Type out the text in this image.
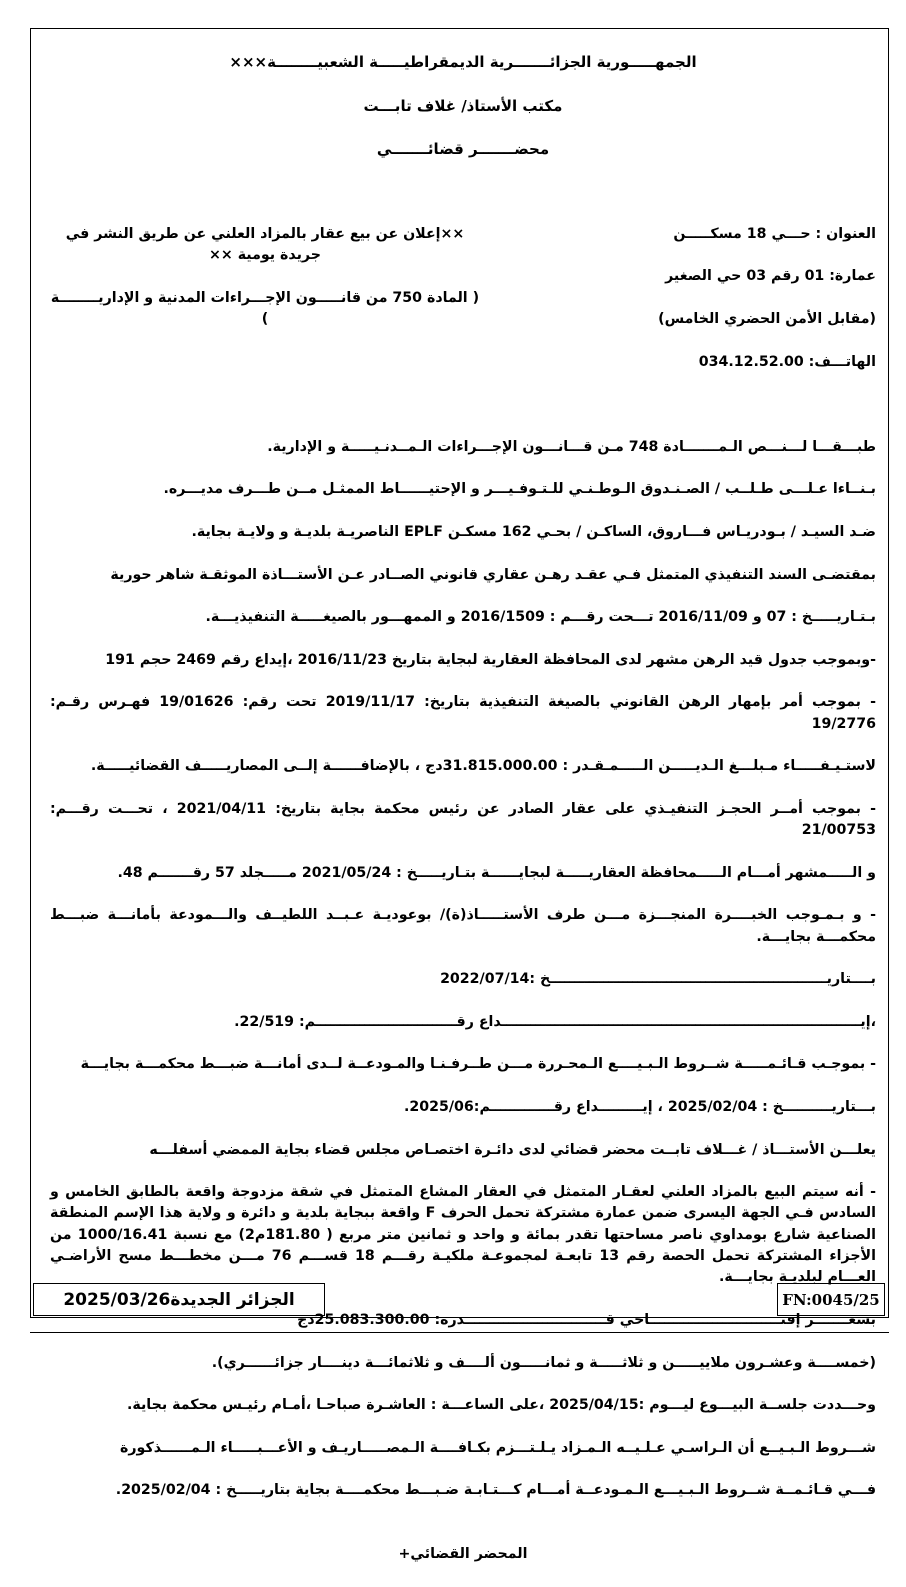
الجمهـــــورية الجزائـــــــرية الديمقراطيـــــة الشعبيــــــــة×××

مكتب الأستاذ/ غلاف تابـــت

محضـــــــر قضائـــــــي

العنوان : حـــي 18 مسكـــــن

عمارة: 01 رقم 03 حي الصغير

(مقابل الأمن الحضري الخامس)

الهاتـــف: 034.12.52.00

××إعلان عن بيع عقار بالمزاد العلني عن طريق النشر في جريدة يومية ××

( المادة 750 من قانـــــون الإجـــراءات المدنية و الإداريــــــــة )

طبـــقـــا لـــنـــص الـمـــــــادة 748 مـن قـــانـــون الإجـــراءات الـمــدنـيـــــة و الإدارية.

بـنــاءا عـلـــى طـلــب / الصـنـدوق الـوطـنـي للـتـوفـيـــر و الإحتيــــــاط الممثـل مــن طـــرف مديـــره.

ضـد السيـد / بـودريـاس فـــاروق، الساكـن / بحـي 162 مسكـن EPLF الناصريـة بلديـة و ولايـة بجاية.

بمقتضـى السند التنفيذي المتمثل فـي عقـد رهـن عقاري قانوني الصــادر عـن الأستـــاذة الموثقـة شاهر حورية

بـتـاريـــــخ : 07 و 2016/11/09 تـــحت رقـــم : 2016/1509 و الممهـــور بالصيغـــــة التنفيذيـــة.

-وبموجب جدول قيد الرهن مشهر لدى المحافظة العقارية لبجاية بتاريخ 2016/11/23 ،إيداع رقم 2469 حجم 191

- بموجب أمر بإمهار الرهن القانوني بالصيغة التنفيذية بتاريخ: 2019/11/17 تحت رقم: 19/01626 فهـرس رقـم: 19/2776

لاستـيـفـــــاء مـبلـــغ الـديـــــن الـــــمـقـدر : 31.815.000.00دج ، بالإضافــــــة إلــى المصاريـــــف القضائيـــــة.

- بموجب أمــر الحجـز التنفيـذي على عقار الصادر عن رئيس محكمة بجاية بتاريخ: 2021/04/11 ، تحـــت رقـــم: 21/00753

و الـــــمشهر أمـــام الـــــمحافظة العقاريـــــة لبجايــــــة بتـاريـــــخ : 2021/05/24 مـــــجلد 57 رقـــــــم 48.

- و بـمـوجب الخبــــرة المنجـــزة مـــن طرف الأستـــــاذ(ة)/ بوعوديـة عـبــد اللطيــف والـــمودعة بأمانـــة ضبـــط محكمـــة بجايـــة.

بــــتاريـــــــــــــــــــــــــــــــــــــــــــــــــــــــــخ :2022/07/14

،إيــــــــــــــــــــــــــــــــــــــــــــــــــــــــــــــــــــــــــداع رقـــــــــــــــــــــــــــــم: 22/519.

- بموجـب قـائـمـــــة شــروط الـبـيــــع الـمحـررة مـــن طــرفـنـا والمـودعــة لــدى أمانـــة ضبـــط محكمـــة بجايـــة

بـــتاريــــــــــخ : 2025/02/04 ، إيـــــــــداع رقـــــــــــــم:2025/06.

يعلـــن الأستـــاذ / غـــلاف تابــت محضر قضائي لدى دائـرة اختصـاص مجلس قضاء بجاية الممضي أسفلـــه

- أنه سيتم البيع بالمزاد العلني لعقـار المتمثل في العقار المشاع المتمثل في شقة مزدوجة واقعة بالطابق الخامس و السادس فـي الجهة اليسرى ضمن عمارة مشتركة تحمل الحرف F واقعة ببجاية بلدية و دائرة و ولاية هذا الإسم المنطقة الصناعية شارع بومداوي ناصر مساحتها تقدر بمائة و واحد و ثمانين متر مربع ( 181.80م2) مع نسبة 1000/16.41 من الأجزاء المشتركة تحمل الحصة رقم 13 تابعـة لمجموعـة ملكيـة رقـــم 18 قســـم 76 مـــن مخطـــط مسح الأراضـي العـــام لبلديـة بجايـــة.

بسعـــــــر إفتـــــــــــــــــــــــــــاحي قـــــــــــــــــــــــــــــدره: 25.083.300.00دج

(خمســــة وعشـرون ملاييـــــن و ثلاثـــــة و ثمانـــــون ألــــف و ثلاثمائـــة دينــــار جزائــــــري).

وحـــددت جلســة البيـــوع ليـــوم :2025/04/15 ،على الساعـــة : العاشـرة صباحـا ،أمـام رئيـس محكمة بجاية.

شـــروط الـبـيــع أن الـراسـي عـلـيــه الـمـزاد يـلـتـــزم بكـافــــة الـمصـــــاريـف و الأعـــبـــــاء الـمــــــذكورة

فـــي قـائـمــة شــروط الـبـيـــع الـمـودعــة أمـــام كـــتـابـة ضـبـــط محكمــــة بجاية بتاريـــــخ : 2025/02/04.

المحضر القضائي+

الجزائر الجديدة2025/03/26	FN:0045/25
